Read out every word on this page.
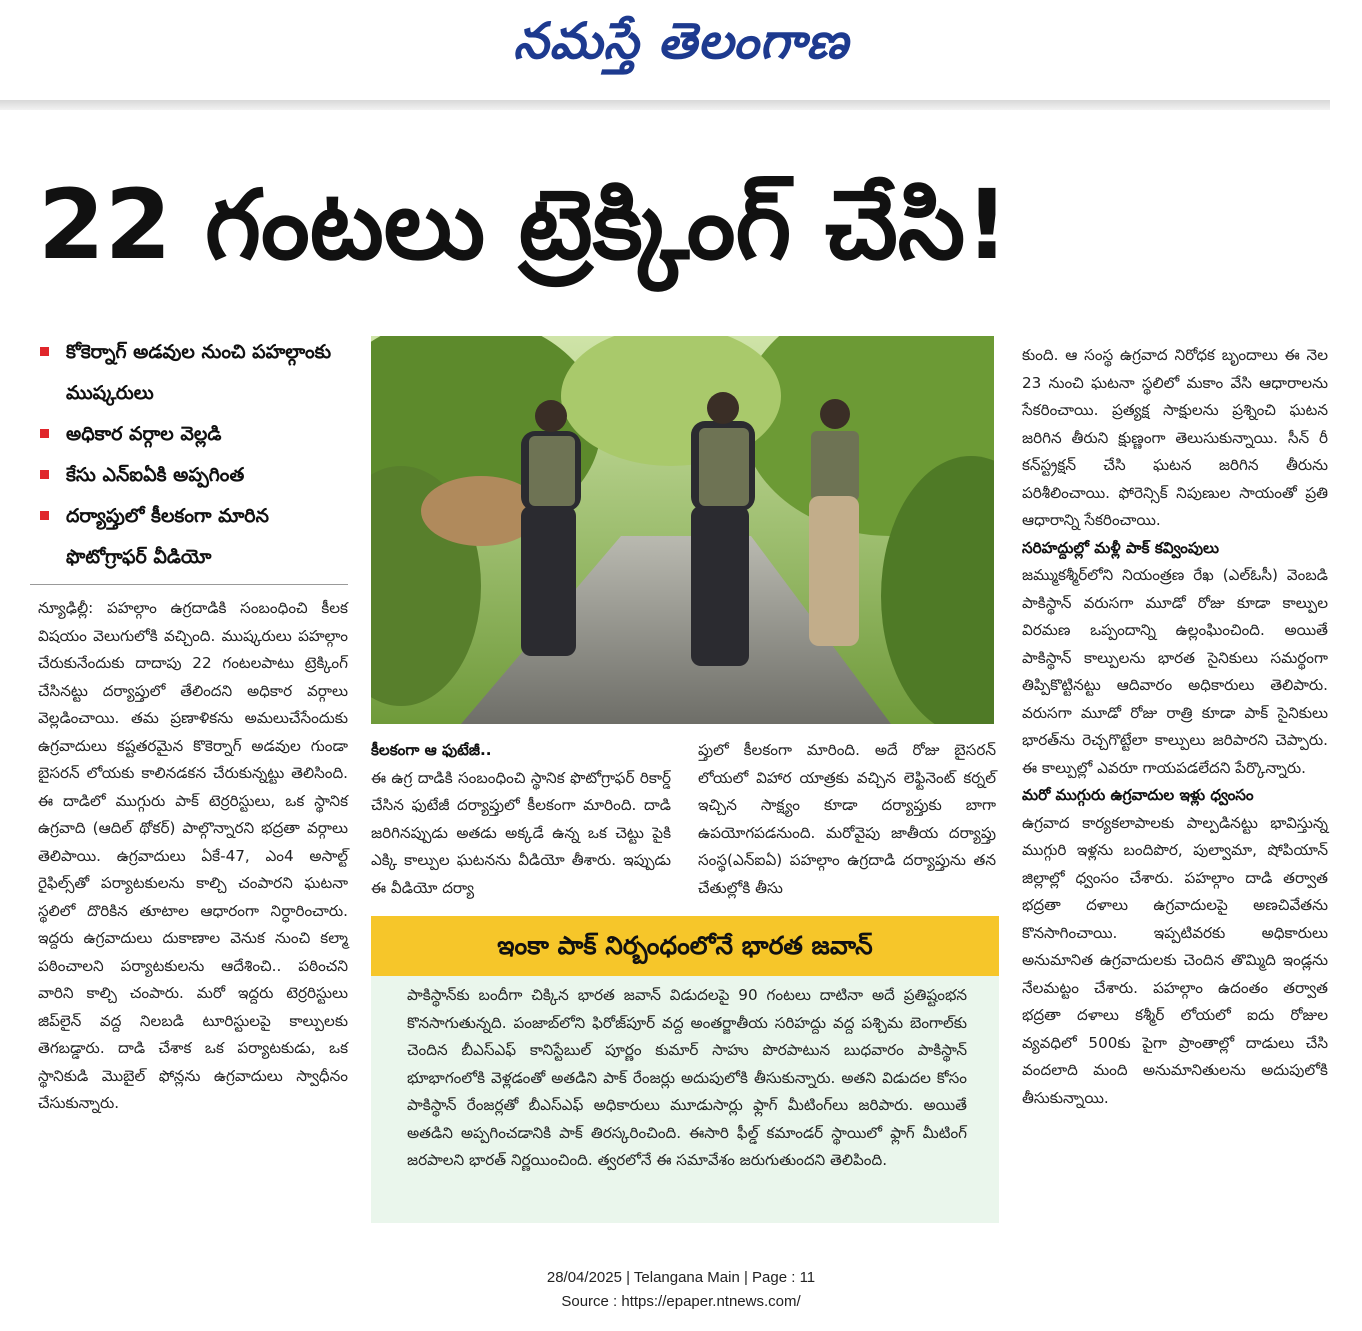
నమస్తే తెలంగాణ
22 గంటలు ట్రెక్కింగ్ చేసి!
కోకెర్నాగ్ అడవుల నుంచి పహల్గాంకు ముష్కరులు
అధికార వర్గాల వెల్లడి
కేసు ఎన్ఐఏకి అప్పగింత
దర్యాప్తులో కీలకంగా మారిన ఫొటోగ్రాఫర్ వీడియో

న్యూఢిల్లీ: పహల్గాం ఉగ్రదాడికి సంబంధించి కీలక విషయం వెలుగులోకి వచ్చింది. ముష్కరులు పహల్గాం చేరుకునేందుకు దాదాపు 22 గంటలపాటు ట్రెక్కింగ్ చేసినట్టు దర్యాప్తులో తేలిందని అధికార వర్గాలు వెల్లడించాయి. తమ ప్రణాళికను అమలుచేసేందుకు ఉగ్రవాదులు కష్టతరమైన కొకెర్నాగ్ అడవుల గుండా బైసరన్ లోయకు కాలినడకన చేరుకున్నట్టు తెలిసింది. ఈ దాడిలో ముగ్గురు పాక్ టెర్రరిస్టులు, ఒక స్థానిక ఉగ్రవాది (ఆదిల్ థోకర్) పాల్గొన్నారని భద్రతా వర్గాలు తెలిపాయి. ఉగ్రవాదులు ఏకే-47, ఎం4 అసాల్ట్ రైఫిల్స్‌తో పర్యాటకులను కాల్చి చంపారని ఘటనా స్థలిలో దొరికిన తూటాల ఆధారంగా నిర్ధారించారు. ఇద్దరు ఉగ్రవాదులు దుకాణాల వెనుక నుంచి కల్మా పఠించాలని పర్యాటకులను ఆదేశించి.. పఠించని వారిని కాల్చి చంపారు. మరో ఇద్దరు టెర్రరిస్టులు జిప్‌లైన్ వద్ద నిలబడి టూరిస్టులపై కాల్పులకు తెగబడ్డారు. దాడి చేశాక ఒక పర్యాటకుడు, ఒక స్థానికుడి మొబైల్ ఫోన్లను ఉగ్రవాదులు స్వాధీనం చేసుకున్నారు.

కీలకంగా ఆ ఫుటేజీ..

ఈ ఉగ్ర దాడికి సంబంధించి స్థానిక ఫొటోగ్రాఫర్ రికార్డ్ చేసిన ఫుటేజీ దర్యాప్తులో కీలకంగా మారింది. దాడి జరిగినప్పుడు అతడు అక్కడే ఉన్న ఒక చెట్టు పైకి ఎక్కి కాల్పుల ఘటనను వీడియో తీశారు. ఇప్పుడు ఈ వీడియో దర్యా

ప్తులో కీలకంగా మారింది. అదే రోజు బైసరన్ లోయలో విహార యాత్రకు వచ్చిన లెఫ్టినెంట్ కర్నల్ ఇచ్చిన సాక్ష్యం కూడా దర్యాప్తుకు బాగా ఉపయోగపడనుంది. మరోవైపు జాతీయ దర్యాప్తు సంస్థ(ఎన్ఐఏ) పహల్గాం ఉగ్రదాడి దర్యాప్తును తన చేతుల్లోకి తీసు

కుంది. ఆ సంస్థ ఉగ్రవాద నిరోధక బృందాలు ఈ నెల 23 నుంచి ఘటనా స్థలిలో మకాం వేసి ఆధారాలను సేకరించాయి. ప్రత్యక్ష సాక్షులను ప్రశ్నించి ఘటన జరిగిన తీరుని క్షుణ్ణంగా తెలుసుకున్నాయి. సీన్ రీ కన్‌స్ట్రక్షన్ చేసి ఘటన జరిగిన తీరును పరిశీలించాయి. ఫోరెన్సిక్ నిపుణుల సాయంతో ప్రతి ఆధారాన్ని సేకరించాయి.

సరిహద్దుల్లో మళ్లీ పాక్ కవ్వింపులు

జమ్ముకశ్మీర్‌లోని నియంత్రణ రేఖ (ఎల్ఓసీ) వెంబడి పాకిస్థాన్ వరుసగా మూడో రోజు కూడా కాల్పుల విరమణ ఒప్పందాన్ని ఉల్లంఘించింది. అయితే పాకిస్థాన్ కాల్పులను భారత సైనికులు సమర్థంగా తిప్పికొట్టినట్టు ఆదివారం అధికారులు తెలిపారు. వరుసగా మూడో రోజు రాత్రి కూడా పాక్ సైనికులు భారత్‌ను రెచ్చగొట్టేలా కాల్పులు జరిపారని చెప్పారు. ఈ కాల్పుల్లో ఎవరూ గాయపడలేదని పేర్కొన్నారు.

మరో ముగ్గురు ఉగ్రవాదుల ఇళ్లు ధ్వంసం

ఉగ్రవాద కార్యకలాపాలకు పాల్పడినట్టు భావిస్తున్న ముగ్గురి ఇళ్లను బందిపొర, పుల్వామా, షోపియాన్ జిల్లాల్లో ధ్వంసం చేశారు. పహల్గాం దాడి తర్వాత భద్రతా దళాలు ఉగ్రవాదులపై అణచివేతను కొనసాగించాయి. ఇప్పటివరకు అధికారులు అనుమానిత ఉగ్రవాదులకు చెందిన తొమ్మిది ఇండ్లను నేలమట్టం చేశారు. పహల్గాం ఉదంతం తర్వాత భద్రతా దళాలు కశ్మీర్ లోయలో ఐదు రోజుల వ్యవధిలో 500కు పైగా ప్రాంతాల్లో దాడులు చేసి వందలాది మంది అనుమానితులను అదుపులోకి తీసుకున్నాయి.

ఇంకా పాక్ నిర్బంధంలోనే భారత జవాన్
పాకిస్థాన్‌కు బందీగా చిక్కిన భారత జవాన్ విడుదలపై 90 గంటలు దాటినా అదే ప్రతిష్టంభన కొనసాగుతున్నది. పంజాబ్‌లోని ఫిరోజ్‌పూర్ వద్ద అంతర్జాతీయ సరిహద్దు వద్ద పశ్చిమ బెంగాల్‌కు చెందిన బీఎస్ఎఫ్ కానిస్టేబుల్ పూర్ణం కుమార్ సాహు పొరపాటున బుధవారం పాకిస్థాన్ భూభాగంలోకి వెళ్లడంతో అతడిని పాక్ రేంజర్లు అదుపులోకి తీసుకున్నారు. అతని విడుదల కోసం పాకిస్థాన్ రేంజర్లతో బీఎస్ఎఫ్ అధికారులు మూడుసార్లు ఫ్లాగ్ మీటింగ్‌లు జరిపారు. అయితే అతడిని అప్పగించడానికి పాక్ తిరస్కరించింది. ఈసారి ఫీల్డ్ కమాండర్ స్థాయిలో ఫ్లాగ్ మీటింగ్ జరపాలని భారత్ నిర్ణయించింది. త్వరలోనే ఈ సమావేశం జరుగుతుందని తెలిపింది.
28/04/2025 | Telangana Main | Page : 11
Source : https://epaper.ntnews.com/
